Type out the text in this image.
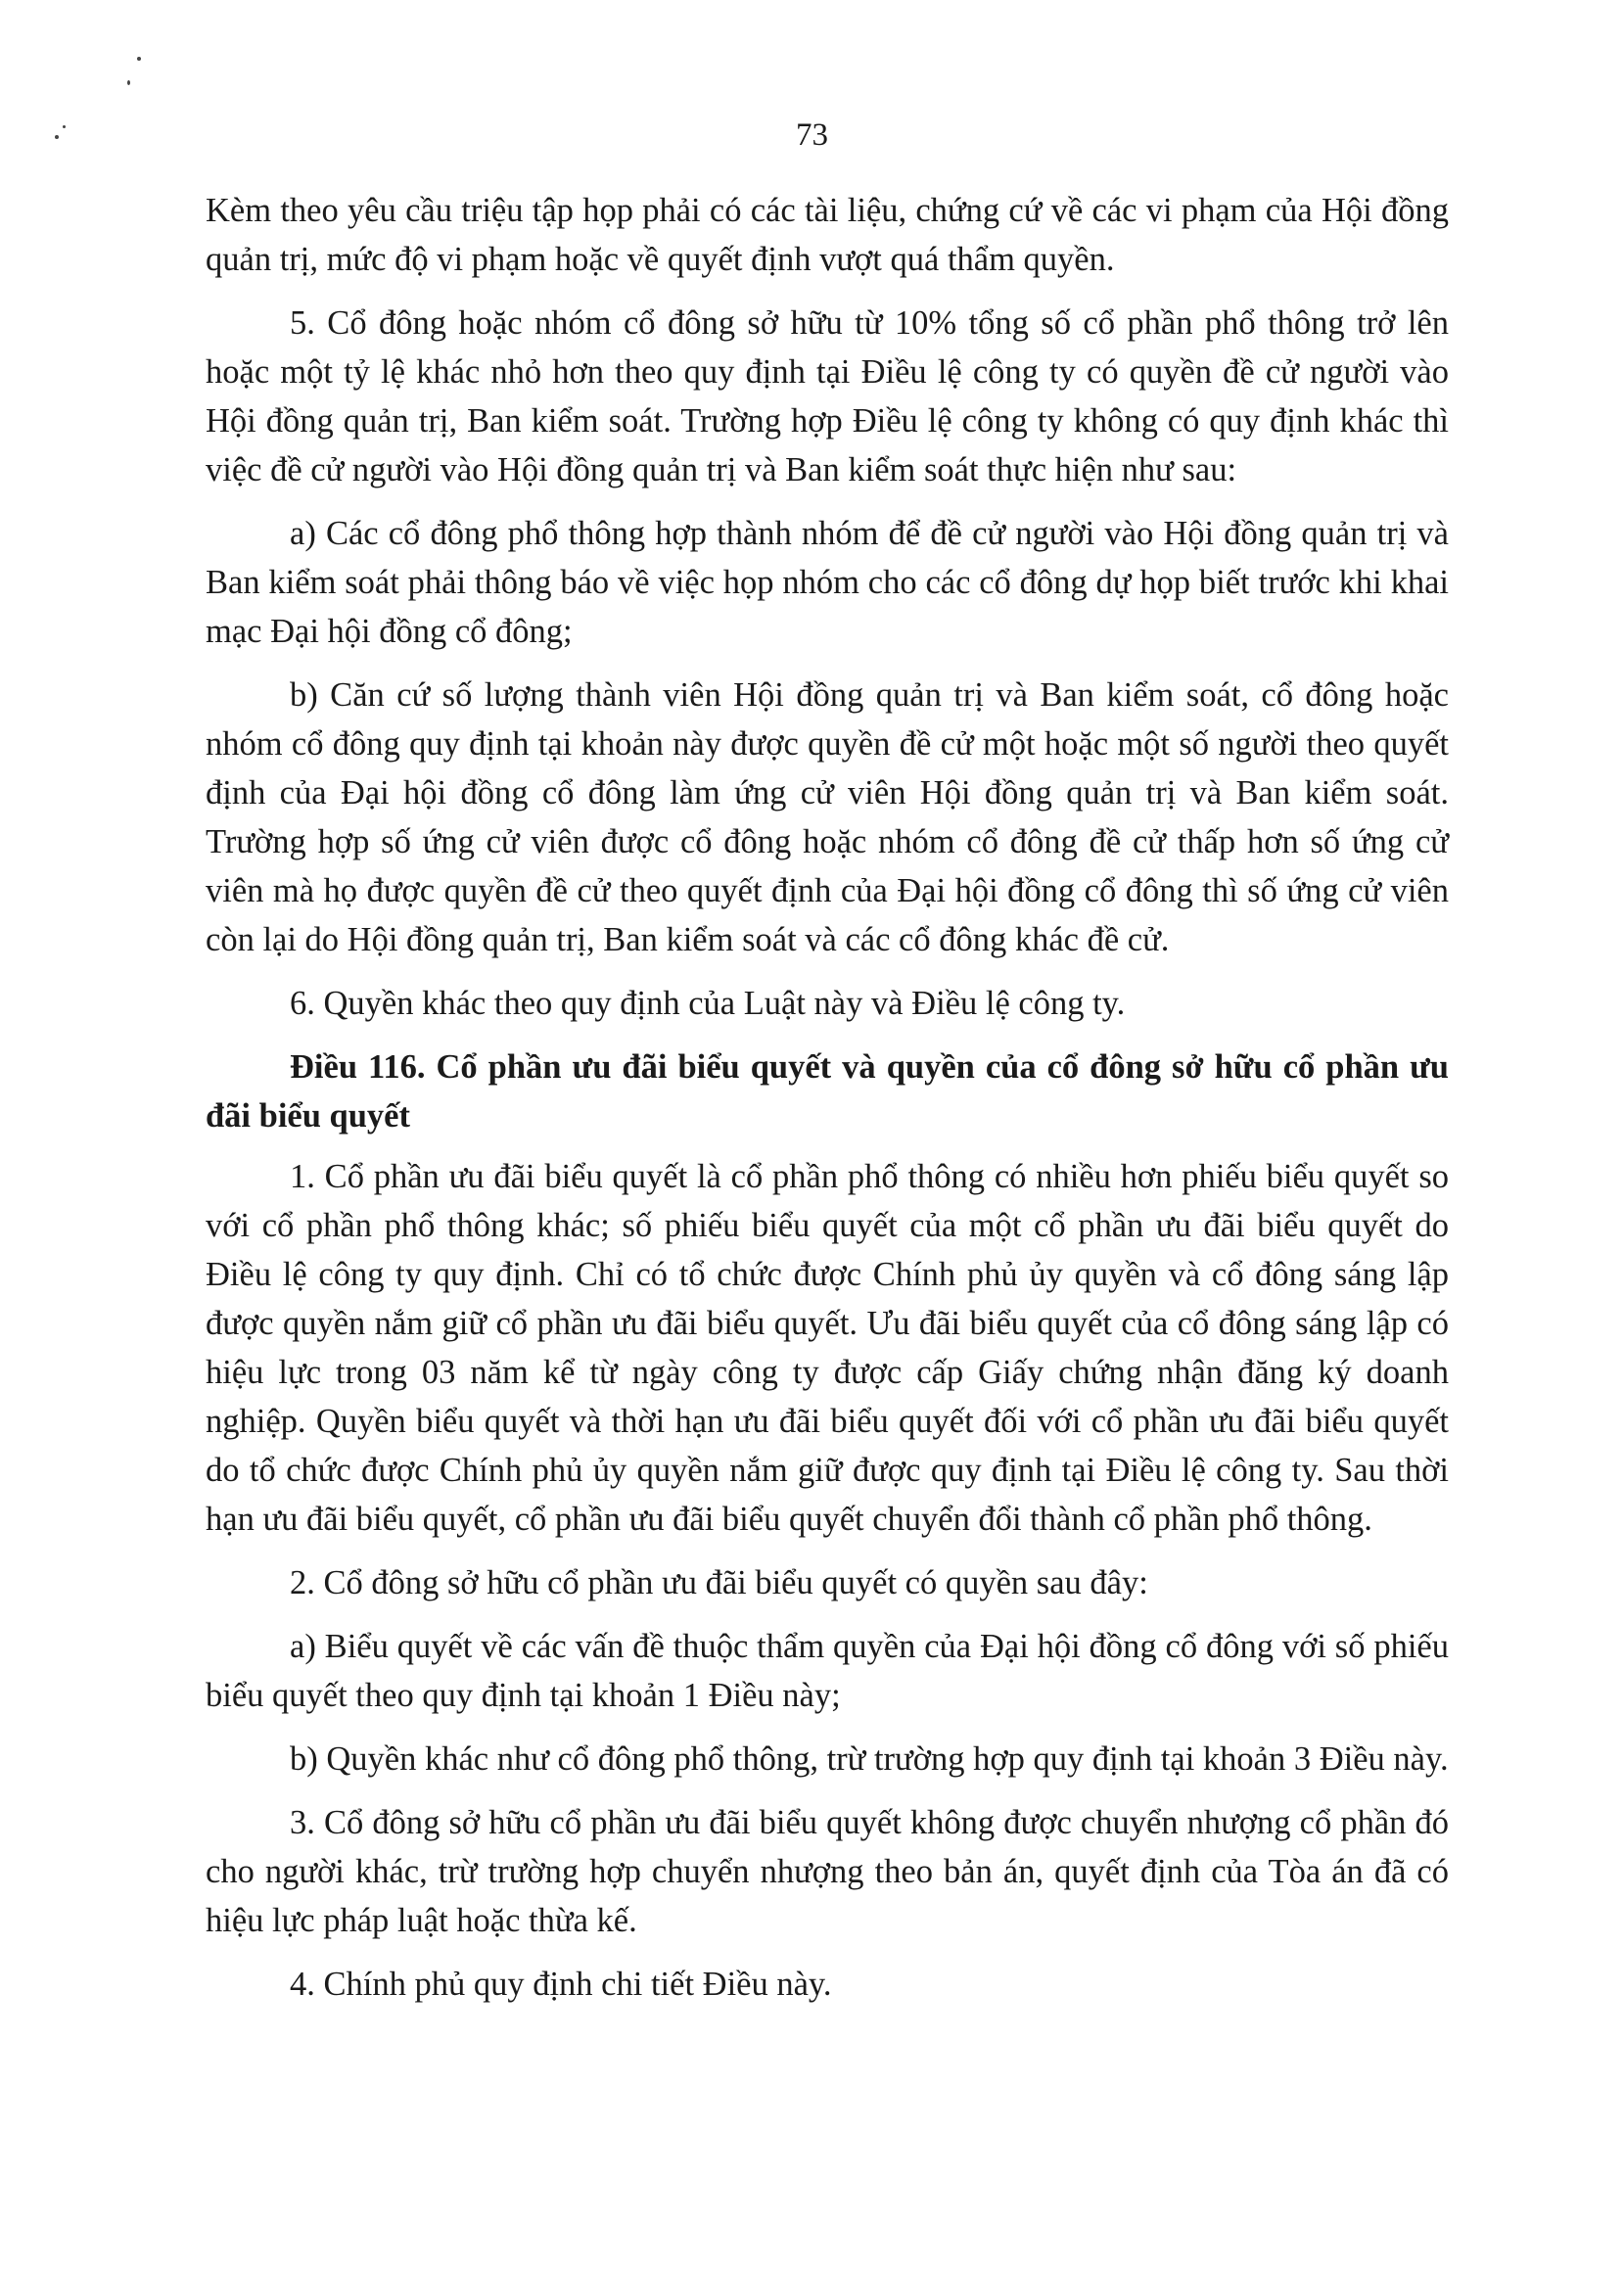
73

Kèm theo yêu cầu triệu tập họp phải có các tài liệu, chứng cứ về các vi phạm của Hội đồng quản trị, mức độ vi phạm hoặc về quyết định vượt quá thẩm quyền.

5. Cổ đông hoặc nhóm cổ đông sở hữu từ 10% tổng số cổ phần phổ thông trở lên hoặc một tỷ lệ khác nhỏ hơn theo quy định tại Điều lệ công ty có quyền đề cử người vào Hội đồng quản trị, Ban kiểm soát. Trường hợp Điều lệ công ty không có quy định khác thì việc đề cử người vào Hội đồng quản trị và Ban kiểm soát thực hiện như sau:

a) Các cổ đông phổ thông hợp thành nhóm để đề cử người vào Hội đồng quản trị và Ban kiểm soát phải thông báo về việc họp nhóm cho các cổ đông dự họp biết trước khi khai mạc Đại hội đồng cổ đông;

b) Căn cứ số lượng thành viên Hội đồng quản trị và Ban kiểm soát, cổ đông hoặc nhóm cổ đông quy định tại khoản này được quyền đề cử một hoặc một số người theo quyết định của Đại hội đồng cổ đông làm ứng cử viên Hội đồng quản trị và Ban kiểm soát. Trường hợp số ứng cử viên được cổ đông hoặc nhóm cổ đông đề cử thấp hơn số ứng cử viên mà họ được quyền đề cử theo quyết định của Đại hội đồng cổ đông thì số ứng cử viên còn lại do Hội đồng quản trị, Ban kiểm soát và các cổ đông khác đề cử.

6. Quyền khác theo quy định của Luật này và Điều lệ công ty.

Điều 116. Cổ phần ưu đãi biểu quyết và quyền của cổ đông sở hữu cổ phần ưu đãi biểu quyết

1. Cổ phần ưu đãi biểu quyết là cổ phần phổ thông có nhiều hơn phiếu biểu quyết so với cổ phần phổ thông khác; số phiếu biểu quyết của một cổ phần ưu đãi biểu quyết do Điều lệ công ty quy định. Chỉ có tổ chức được Chính phủ ủy quyền và cổ đông sáng lập được quyền nắm giữ cổ phần ưu đãi biểu quyết. Ưu đãi biểu quyết của cổ đông sáng lập có hiệu lực trong 03 năm kể từ ngày công ty được cấp Giấy chứng nhận đăng ký doanh nghiệp. Quyền biểu quyết và thời hạn ưu đãi biểu quyết đối với cổ phần ưu đãi biểu quyết do tổ chức được Chính phủ ủy quyền nắm giữ được quy định tại Điều lệ công ty. Sau thời hạn ưu đãi biểu quyết, cổ phần ưu đãi biểu quyết chuyển đổi thành cổ phần phổ thông.

2. Cổ đông sở hữu cổ phần ưu đãi biểu quyết có quyền sau đây:

a) Biểu quyết về các vấn đề thuộc thẩm quyền của Đại hội đồng cổ đông với số phiếu biểu quyết theo quy định tại khoản 1 Điều này;

b) Quyền khác như cổ đông phổ thông, trừ trường hợp quy định tại khoản 3 Điều này.

3. Cổ đông sở hữu cổ phần ưu đãi biểu quyết không được chuyển nhượng cổ phần đó cho người khác, trừ trường hợp chuyển nhượng theo bản án, quyết định của Tòa án đã có hiệu lực pháp luật hoặc thừa kế.

4. Chính phủ quy định chi tiết Điều này.
